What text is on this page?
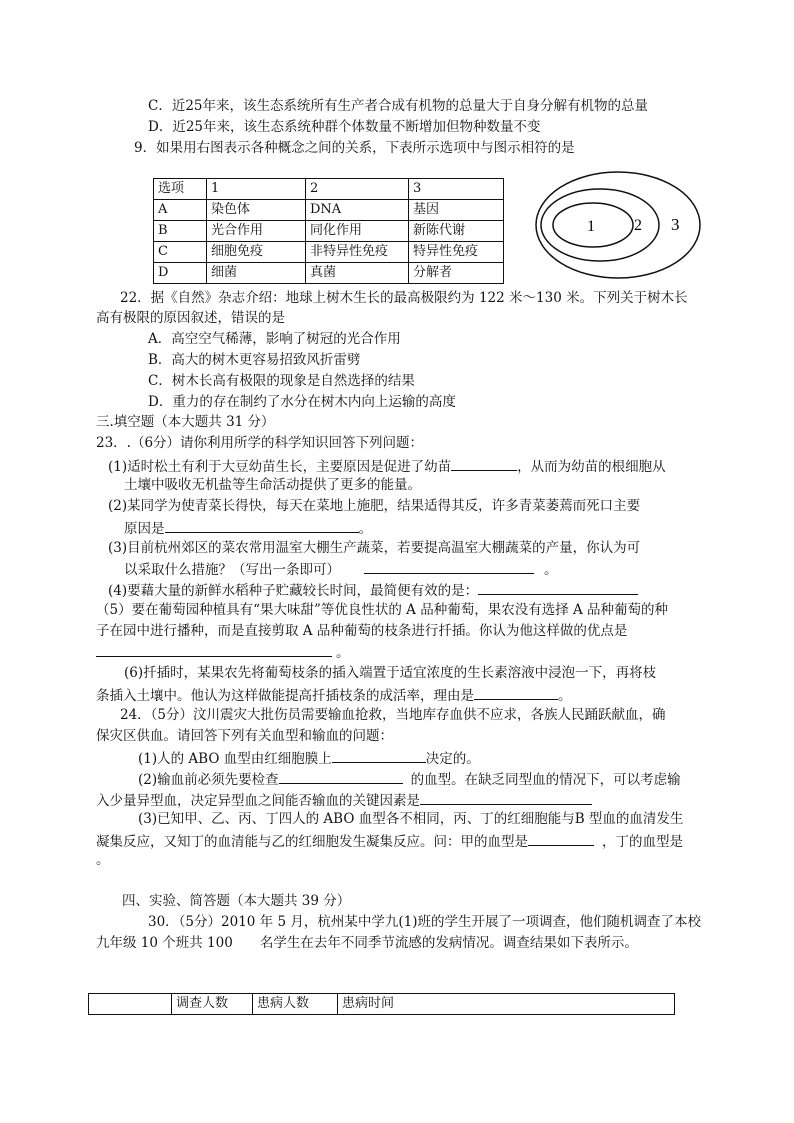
C．近25年来，该生态系统所有生产者合成有机物的总量大于自身分解有机物的总量
D．近25年来，该生态系统种群个体数量不断增加但物种数量不变
9．如果用右图表示各种概念之间的关系，下表所示选项中与图示相符的是
选项	1	2	3
A	染色体	DNA	基因
B	光合作用	同化作用	新陈代谢
C	细胞免疫	非特异性免疫	特异性免疫
D	细菌	真菌	分解者
1 2 3
22．据《自然》杂志介绍：地球上树木生长的最高极限约为 122 米～130 米。下列关于树木长
高有极限的原因叙述，错误的是
A．高空空气稀薄，影响了树冠的光合作用
B．高大的树木更容易招致风折雷劈
C．树木长高有极限的现象是自然选择的结果
D．重力的存在制约了水分在树木内向上运输的高度
三.填空题（本大题共 31 分）
23．.（6分）请你利用所学的科学知识回答下列问题：
(1)适时松土有利于大豆幼苗生长，主要原因是促进了幼苗	，从而为幼苗的根细胞从
土壤中吸收无机盐等生命活动提供了更多的能量。
(2)某同学为使青菜长得快，每天在菜地上施肥，结果适得其反，许多青菜萎蔫而死口主要
原因是	。
(3)目前杭州郊区的菜农常用温室大棚生产蔬菜，若要提高温室大棚蔬菜的产量，你认为可
以采取什么措施？（写出一条即可）	。
(4)要藉大量的新鲜水稻种子贮藏较长时间，最简便有效的是：
（5）要在葡萄园种植具有“果大味甜”等优良性状的 A 品种葡萄，果农没有选择 A 品种葡萄的种
子在园中进行播种，而是直接剪取 A 品种葡萄的枝条进行扦插。你认为他这样做的优点是
。
(6)扦插时，某果农先将葡萄枝条的插入端置于适宜浓度的生长素溶液中浸泡一下，再将枝
条插入土壤中。他认为这样做能提高扦插枝条的成活率，理由是	。
24．（5分）汶川震灾大批伤员需要输血抢救，当地库存血供不应求，各族人民踊跃献血，确
保灾区供血。请回答下列有关血型和输血的问题：
(1)人的 ABO 血型由红细胞膜上	决定的。
(2)输血前必须先要检查	的血型。在缺乏同型血的情况下，可以考虑输
入少量异型血，决定异型血之间能否输血的关键因素是
(3)已知甲、乙、丙、丁四人的 ABO 血型各不相同，丙、丁的红细胞能与B 型血的血清发生
凝集反应，又知丁的血清能与乙的红细胞发生凝集反应。问：甲的血型是	，丁的血型是
。
四、实验、简答题（本大题共 39 分）
30．（5分）2010 年 5 月，杭州某中学九(1)班的学生开展了一项调查，他们随机调查了本校
九年级 10 个班共 100　　名学生在去年不同季节流感的发病情况。调查结果如下表所示。
	调查人数	患病人数	患病时间
